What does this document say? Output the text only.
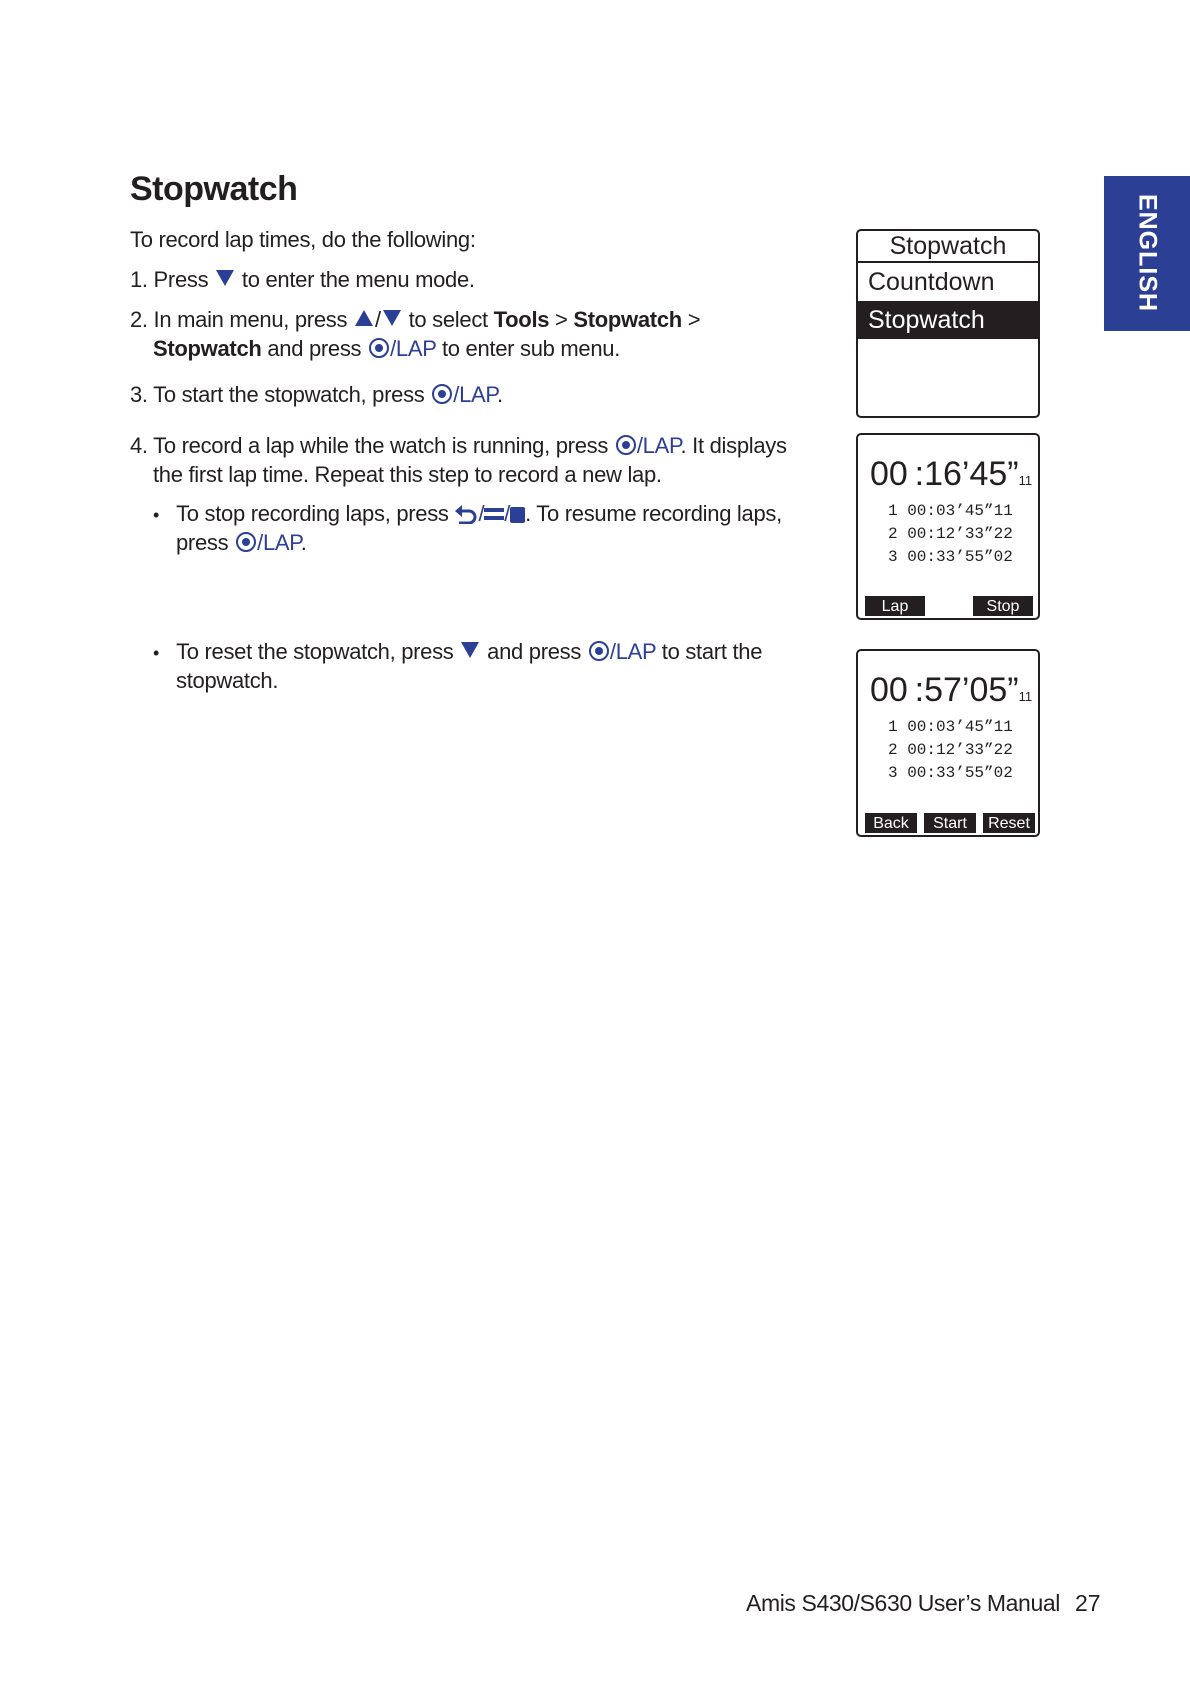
Stopwatch
To record lap times, do the following:
1. Press to enter the menu mode.
2. In main menu, press / to select Tools > Stopwatch >
Stopwatch and press /LAP to enter sub menu.
3. To start the stopwatch, press /LAP.
4. To record a lap while the watch is running, press /LAP. It displays
the first lap time. Repeat this step to record a new lap.
• To stop recording laps, press / / . To resume recording laps,
press /LAP.
• To reset the stopwatch, press and press /LAP to start the
stopwatch.
Stopwatch
Countdown
Stopwatch
00 :16’45”11
1 00:03’45”11
2 00:12’33”22
3 00:33’55”02
Lap	Stop
00 :57’05”11
1 00:03’45”11
2 00:12’33”22
3 00:33’55”02
Back	Start	Reset
ENGLISH
Amis S430/S630 User’s Manual 27
